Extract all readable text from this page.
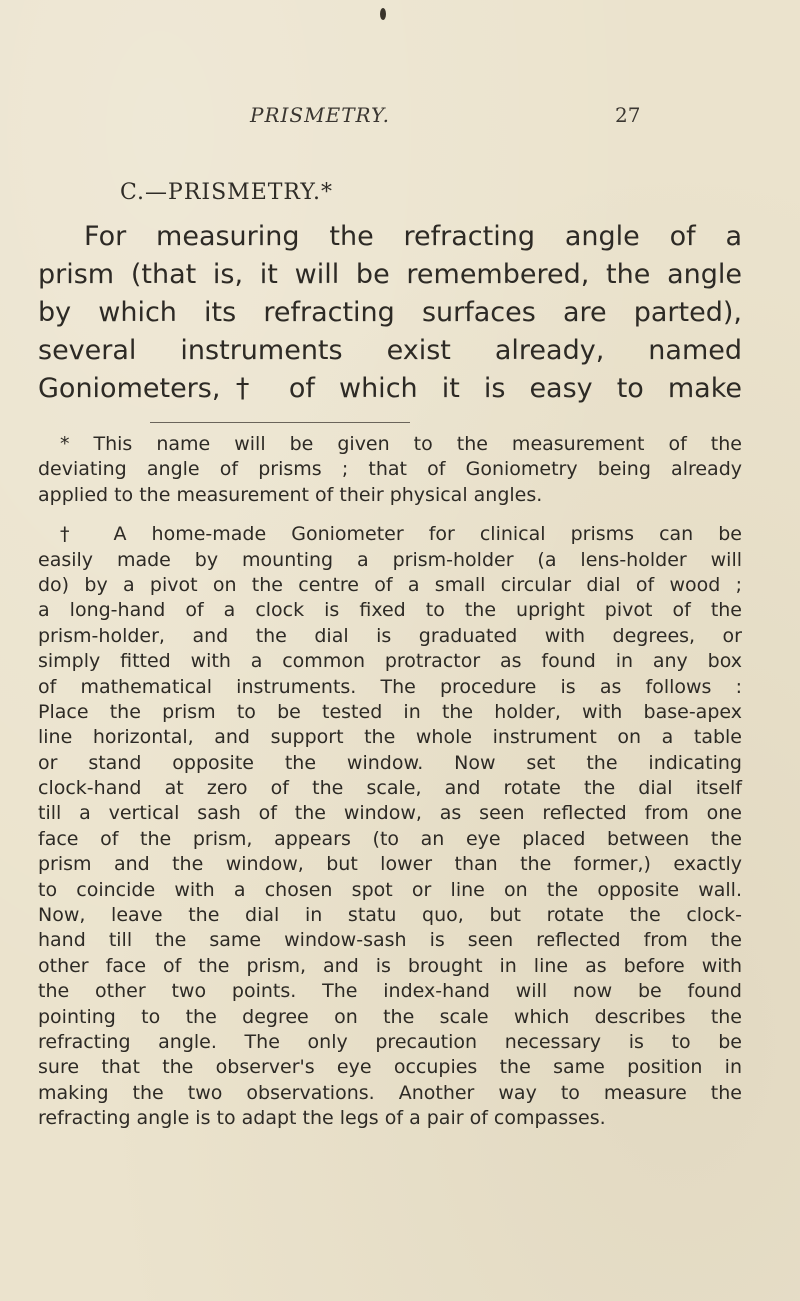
PRISMETRY.	27
C.—PRISMETRY.*
For measuring the refracting angle of a
prism (that is, it will be remembered, the angle
by which its refracting surfaces are parted),
several instruments exist already, named
Goniometers,† of which it is easy to make
* This name will be given to the measurement of the
deviating angle of prisms ; that of Goniometry being already
applied to the measurement of their physical angles.
† A home-made Goniometer for clinical prisms can be
easily made by mounting a prism-holder (a lens-holder will
do) by a pivot on the centre of a small circular dial of wood ;
a long-hand of a clock is fixed to the upright pivot of the
prism-holder, and the dial is graduated with degrees, or
simply fitted with a common protractor as found in any box
of mathematical instruments. The procedure is as follows :
Place the prism to be tested in the holder, with base-apex
line horizontal, and support the whole instrument on a table
or stand opposite the window. Now set the indicating
clock-hand at zero of the scale, and rotate the dial itself
till a vertical sash of the window, as seen reflected from one
face of the prism, appears (to an eye placed between the
prism and the window, but lower than the former,) exactly
to coincide with a chosen spot or line on the opposite wall.
Now, leave the dial in statu quo, but rotate the clock-
hand till the same window-sash is seen reflected from the
other face of the prism, and is brought in line as before with
the other two points. The index-hand will now be found
pointing to the degree on the scale which describes the
refracting angle. The only precaution necessary is to be
sure that the observer's eye occupies the same position in
making the two observations. Another way to measure the
refracting angle is to adapt the legs of a pair of compasses.
